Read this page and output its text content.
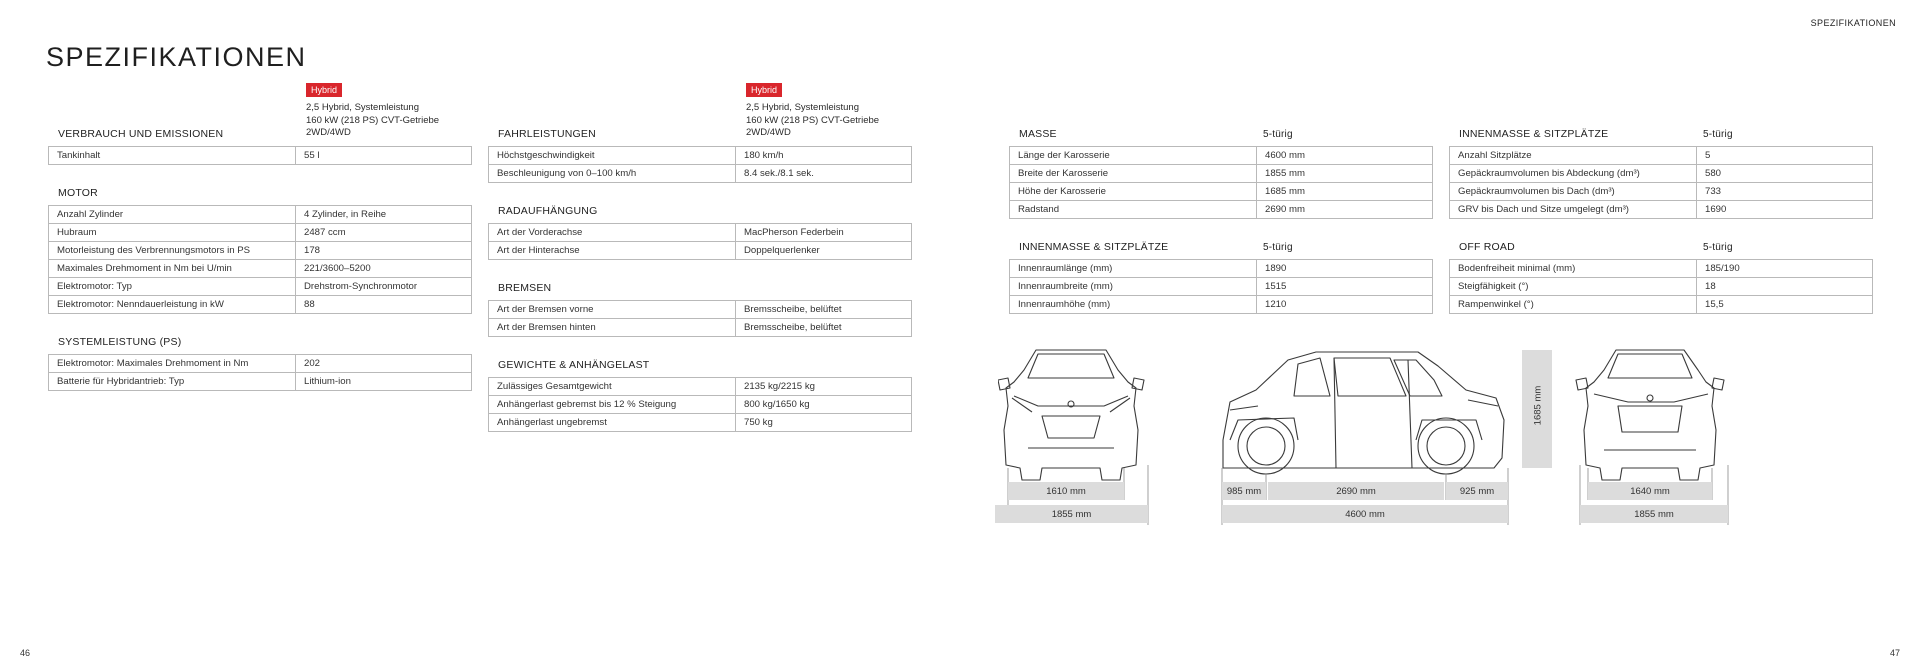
SPEZIFIKATIONEN
SPEZIFIKATIONEN
Hybrid
2,5 Hybrid, Systemleistung
160 kW (218 PS) CVT-Getriebe
2WD/4WD
Hybrid
2,5 Hybrid, Systemleistung
160 kW (218 PS) CVT-Getriebe
2WD/4WD
VERBRAUCH UND EMISSIONEN
Tankinhalt	55 l
MOTOR
Anzahl Zylinder	4 Zylinder, in Reihe
Hubraum	2487 ccm
Motorleistung des Verbrennungsmotors in PS	178
Maximales Drehmoment in Nm bei U/min	221/3600–5200
Elektromotor: Typ	Drehstrom-Synchronmotor
Elektromotor: Nenndauerleistung in kW	88
SYSTEMLEISTUNG (PS)
Elektromotor: Maximales Drehmoment in Nm	202
Batterie für Hybridantrieb: Typ	Lithium-ion
FAHRLEISTUNGEN
Höchstgeschwindigkeit	180 km/h
Beschleunigung von 0–100 km/h	8.4 sek./8.1 sek.
RADAUFHÄNGUNG
Art der Vorderachse	MacPherson Federbein
Art der Hinterachse	Doppelquerlenker
BREMSEN
Art der Bremsen vorne	Bremsscheibe, belüftet
Art der Bremsen hinten	Bremsscheibe, belüftet
GEWICHTE & ANHÄNGELAST
Zulässiges Gesamtgewicht	2135 kg/2215 kg
Anhängerlast gebremst bis 12 % Steigung	800 kg/1650 kg
Anhängerlast ungebremst	750 kg
MASSE	5-türig
Länge der Karosserie	4600 mm
Breite der Karosserie	1855 mm
Höhe der Karosserie	1685 mm
Radstand	2690 mm
INNENMASSE & SITZPLÄTZE	5-türig
Innenraumlänge (mm)	1890
Innenraumbreite (mm)	1515
Innenraumhöhe (mm)	1210
INNENMASSE & SITZPLÄTZE	5-türig
Anzahl Sitzplätze	5
Gepäckraumvolumen bis Abdeckung (dm³)	580
Gepäckraumvolumen bis Dach (dm³)	733
GRV bis Dach und Sitze umgelegt (dm³)	1690
OFF ROAD	5-türig
Bodenfreiheit minimal (mm)	185/190
Steigfähigkeit (°)	18
Rampenwinkel (°)	15,5
1610 mm
1855 mm
985 mm	2690 mm	925 mm
4600 mm
1685 mm
1640 mm
1855 mm
46	47
